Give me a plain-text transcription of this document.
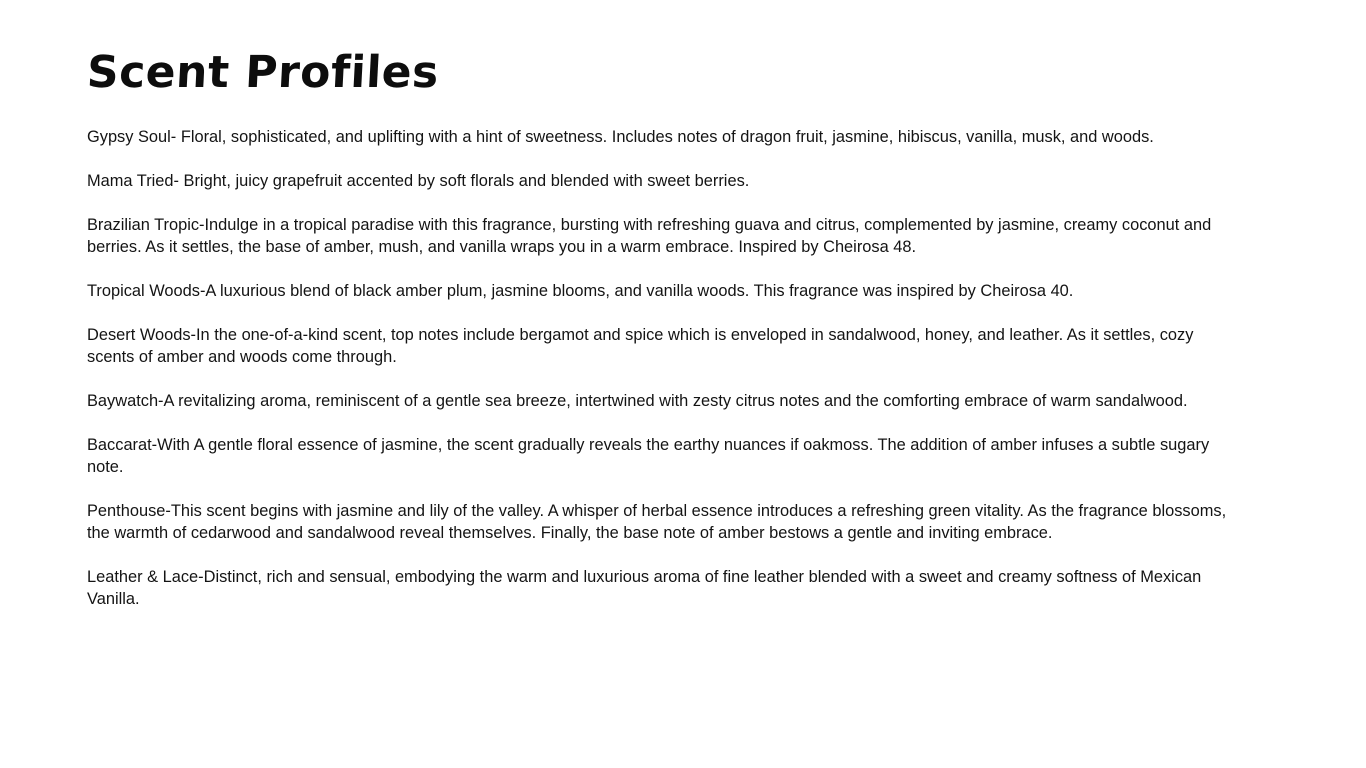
Scent Profiles
Gypsy Soul- Floral, sophisticated, and uplifting with a hint of sweetness. Includes notes of dragon fruit, jasmine, hibiscus, vanilla, musk, and woods.
Mama Tried- Bright, juicy grapefruit accented by soft florals and blended with sweet berries.
Brazilian Tropic-Indulge in a tropical paradise with this fragrance, bursting with refreshing guava and citrus, complemented by jasmine, creamy coconut and berries. As it settles, the base of amber, mush, and vanilla wraps you in a warm embrace. Inspired by Cheirosa 48.
Tropical Woods-A luxurious blend of black amber plum, jasmine blooms, and vanilla woods. This fragrance was inspired by Cheirosa 40.
Desert Woods-In the one-of-a-kind scent, top notes include bergamot and spice which is enveloped in sandalwood, honey, and leather. As it settles, cozy scents of amber and woods come through.
Baywatch-A revitalizing aroma, reminiscent of a gentle sea breeze, intertwined with zesty citrus notes and the comforting embrace of warm sandalwood.
Baccarat-With A gentle floral essence of jasmine, the scent gradually reveals the earthy nuances if oakmoss. The addition of amber infuses a subtle sugary note.
Penthouse-This scent begins with jasmine and lily of the valley. A whisper of herbal essence introduces a refreshing green vitality. As the fragrance blossoms, the warmth of cedarwood and sandalwood reveal themselves. Finally, the base note of amber bestows a gentle and inviting embrace.
Leather & Lace-Distinct, rich and sensual, embodying the warm and luxurious aroma of fine leather blended with a sweet and creamy softness of Mexican Vanilla.
